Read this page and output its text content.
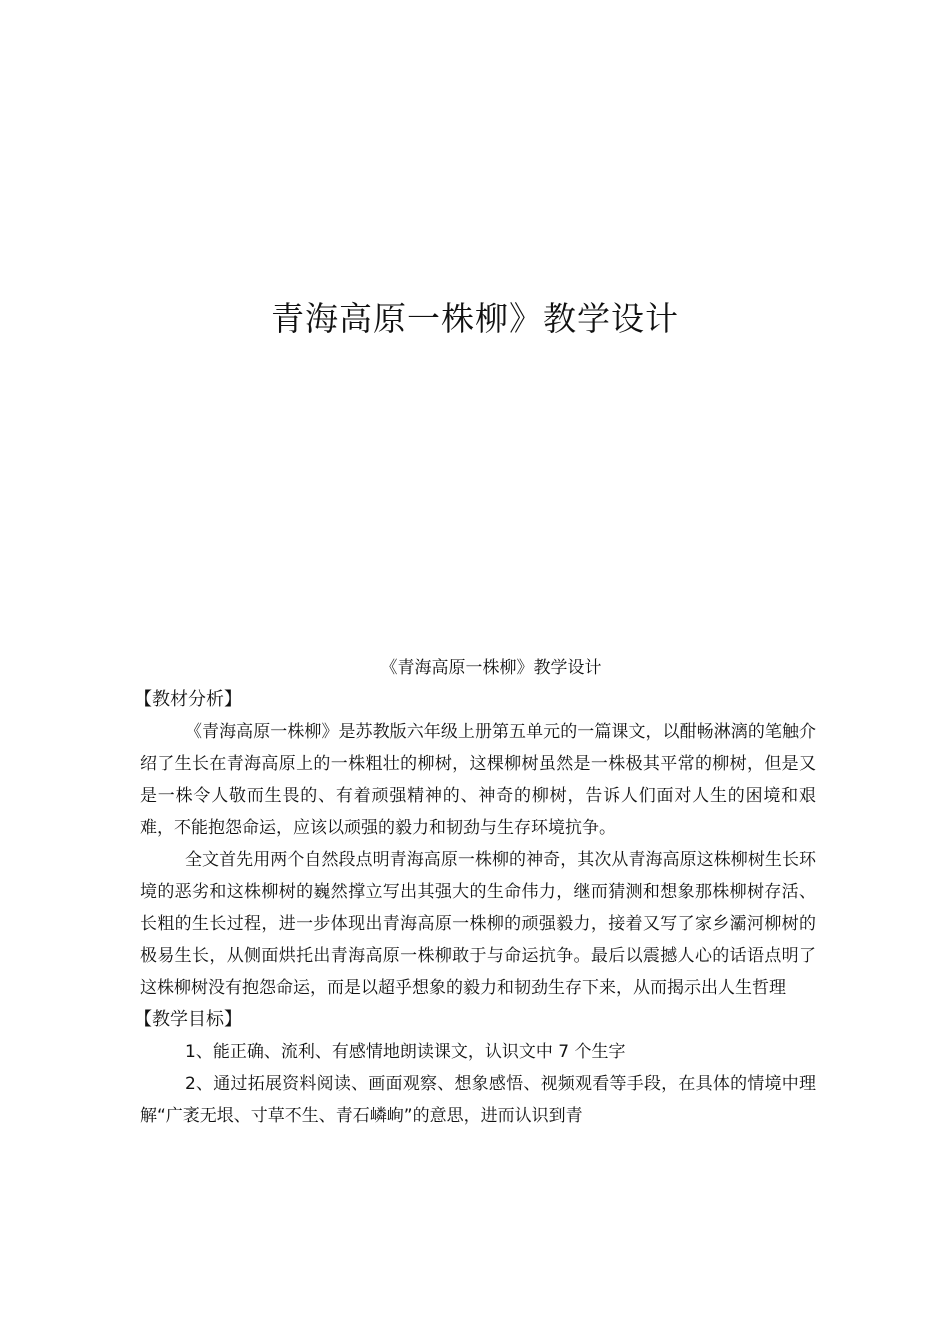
青海高原一株柳》教学设计
《青海高原一株柳》教学设计
【教材分析】

《青海高原一株柳》是苏教版六年级上册第五单元的一篇课文，以酣畅淋漓的笔触介绍了生长在青海高原上的一株粗壮的柳树，这棵柳树虽然是一株极其平常的柳树，但是又是一株令人敬而生畏的、有着顽强精神的、神奇的柳树，告诉人们面对人生的困境和艰难，不能抱怨命运，应该以顽强的毅力和韧劲与生存环境抗争。

全文首先用两个自然段点明青海高原一株柳的神奇，其次从青海高原这株柳树生长环境的恶劣和这株柳树的巍然撑立写出其强大的生命伟力，继而猜测和想象那株柳树存活、长粗的生长过程，进一步体现出青海高原一株柳的顽强毅力，接着又写了家乡灞河柳树的极易生长，从侧面烘托出青海高原一株柳敢于与命运抗争。最后以震撼人心的话语点明了这株柳树没有抱怨命运，而是以超乎想象的毅力和韧劲生存下来，从而揭示出人生哲理

【教学目标】

1、能正确、流利、有感情地朗读课文，认识文中 7 个生字

2、通过拓展资料阅读、画面观察、想象感悟、视频观看等手段，在具体的情境中理解“广袤无垠、寸草不生、青石嶙峋”的意思，进而认识到青
